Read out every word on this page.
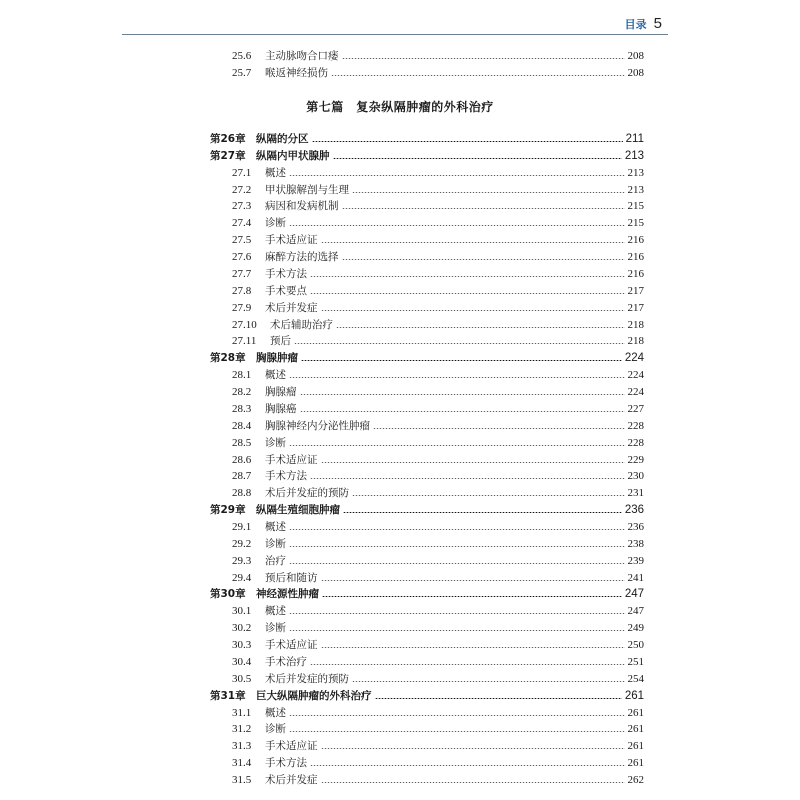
目录 5
第七篇　复杂纵隔肿瘤的外科治疗
25.6	主动脉吻合口瘘	208
25.7	喉返神经损伤	208
第26章 纵隔的分区	211
第27章 纵隔内甲状腺肿	213
27.1	概述	213
27.2	甲状腺解剖与生理	213
27.3	病因和发病机制	215
27.4	诊断	215
27.5	手术适应证	216
27.6	麻醉方法的选择	216
27.7	手术方法	216
27.8	手术要点	217
27.9	术后并发症	217
27.10	术后辅助治疗	218
27.11	预后	218
第28章 胸腺肿瘤	224
28.1	概述	224
28.2	胸腺瘤	224
28.3	胸腺癌	227
28.4	胸腺神经内分泌性肿瘤	228
28.5	诊断	228
28.6	手术适应证	229
28.7	手术方法	230
28.8	术后并发症的预防	231
第29章 纵隔生殖细胞肿瘤	236
29.1	概述	236
29.2	诊断	238
29.3	治疗	239
29.4	预后和随访	241
第30章 神经源性肿瘤	247
30.1	概述	247
30.2	诊断	249
30.3	手术适应证	250
30.4	手术治疗	251
30.5	术后并发症的预防	254
第31章 巨大纵隔肿瘤的外科治疗	261
31.1	概述	261
31.2	诊断	261
31.3	手术适应证	261
31.4	手术方法	261
31.5	术后并发症	262
